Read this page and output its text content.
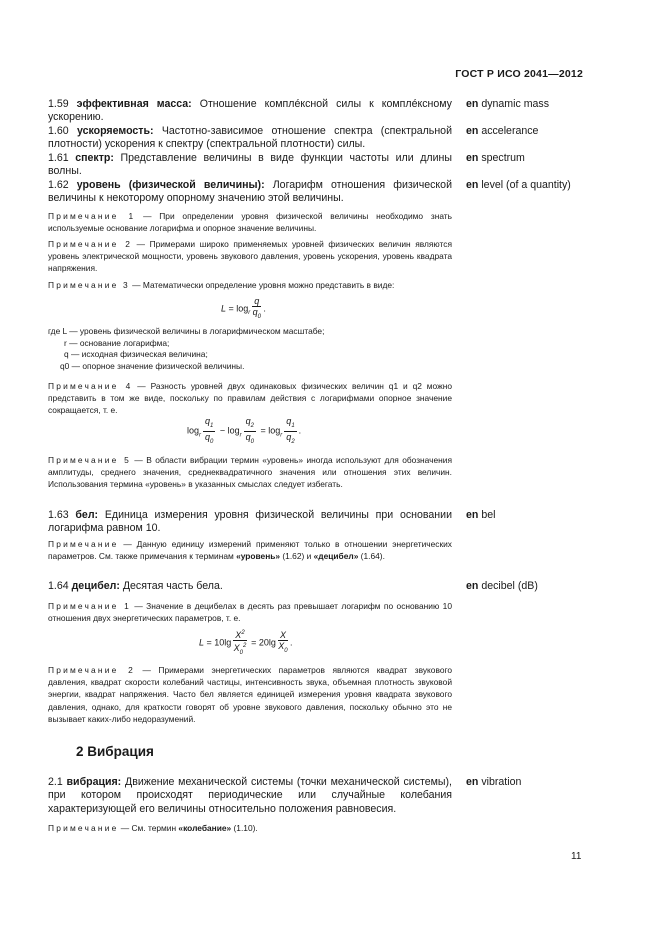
ГОСТ Р ИСО 2041—2012
1.59 эффективная масса: Отношение комплéксной силы к комплéксному ускорению.
en dynamic mass
1.60 ускоряемость: Частотно-зависимое отношение спектра (спектральной плотности) ускорения к спектру (спектральной плотности) силы.
en accelerance
1.61 спектр: Представление величины в виде функции частоты или длины волны.
en spectrum
1.62 уровень (физической величины): Логарифм отношения физической величины к некоторому опорному значению этой величины.
en level (of a quantity)
Примечание 1 — При определении уровня физической величины необходимо знать используемые основание логарифма и опорное значение величины.
Примечание 2 — Примерами широко применяемых уровней физических величин являются уровень электрической мощности, уровень звукового давления, уровень ускорения, уровень квадрата напряжения.
Примечание 3 — Математически определение уровня можно представить в виде:
$L = \log_r \frac{q}{q_0}$ .
где L — уровень физической величины в логарифмическом масштабе;
r — основание логарифма;
q — исходная физическая величина;
q0 — опорное значение физической величины.
Примечание 4 — Разность уровней двух одинаковых физических величин q1 и q2 можно представить в том же виде, поскольку по правилам действия с логарифмами опорное значение сокращается, т. е.
$\log_r \frac{q_1}{q_0} - \log_r \frac{q_2}{q_0} = \log_r \frac{q_1}{q_2}$ .
Примечание 5 — В области вибрации термин «уровень» иногда используют для обозначения амплитуды, среднего значения, среднеквадратичного значения или отношения этих величин. Использования термина «уровень» в указанных смыслах следует избегать.
1.63 бел: Единица измерения уровня физической величины при основании логарифма равном 10.
en bel
Примечание — Данную единицу измерений применяют только в отношении энергетических параметров. См. также примечания к терминам «уровень» (1.62) и «децибел» (1.64).
1.64 децибел: Десятая часть бела.	en decibel (dB)
Примечание 1 — Значение в децибелах в десять раз превышает логарифм по основанию 10 отношения двух энергетических параметров, т. е.
$L = 10\lg \frac{X^2}{X_0^2} = 20\lg \frac{X}{X_0}$ .
Примечание 2 — Примерами энергетических параметров являются квадрат звукового давления, квадрат скорости колебаний частицы, интенсивность звука, объемная плотность звуковой энергии, квадрат напряжения. Часто бел является единицей измерения уровня квадрата звукового давления, однако, для краткости говорят об уровне звукового давления, поскольку обычно это не вызывает каких-либо недоразумений.
2 Вибрация
2.1 вибрация: Движение механической системы (точки механической системы), при котором происходят периодические или случайные колебания характеризующей его величины относительно положения равновесия.
en vibration
Примечание — См. термин «колебание» (1.10).
11
